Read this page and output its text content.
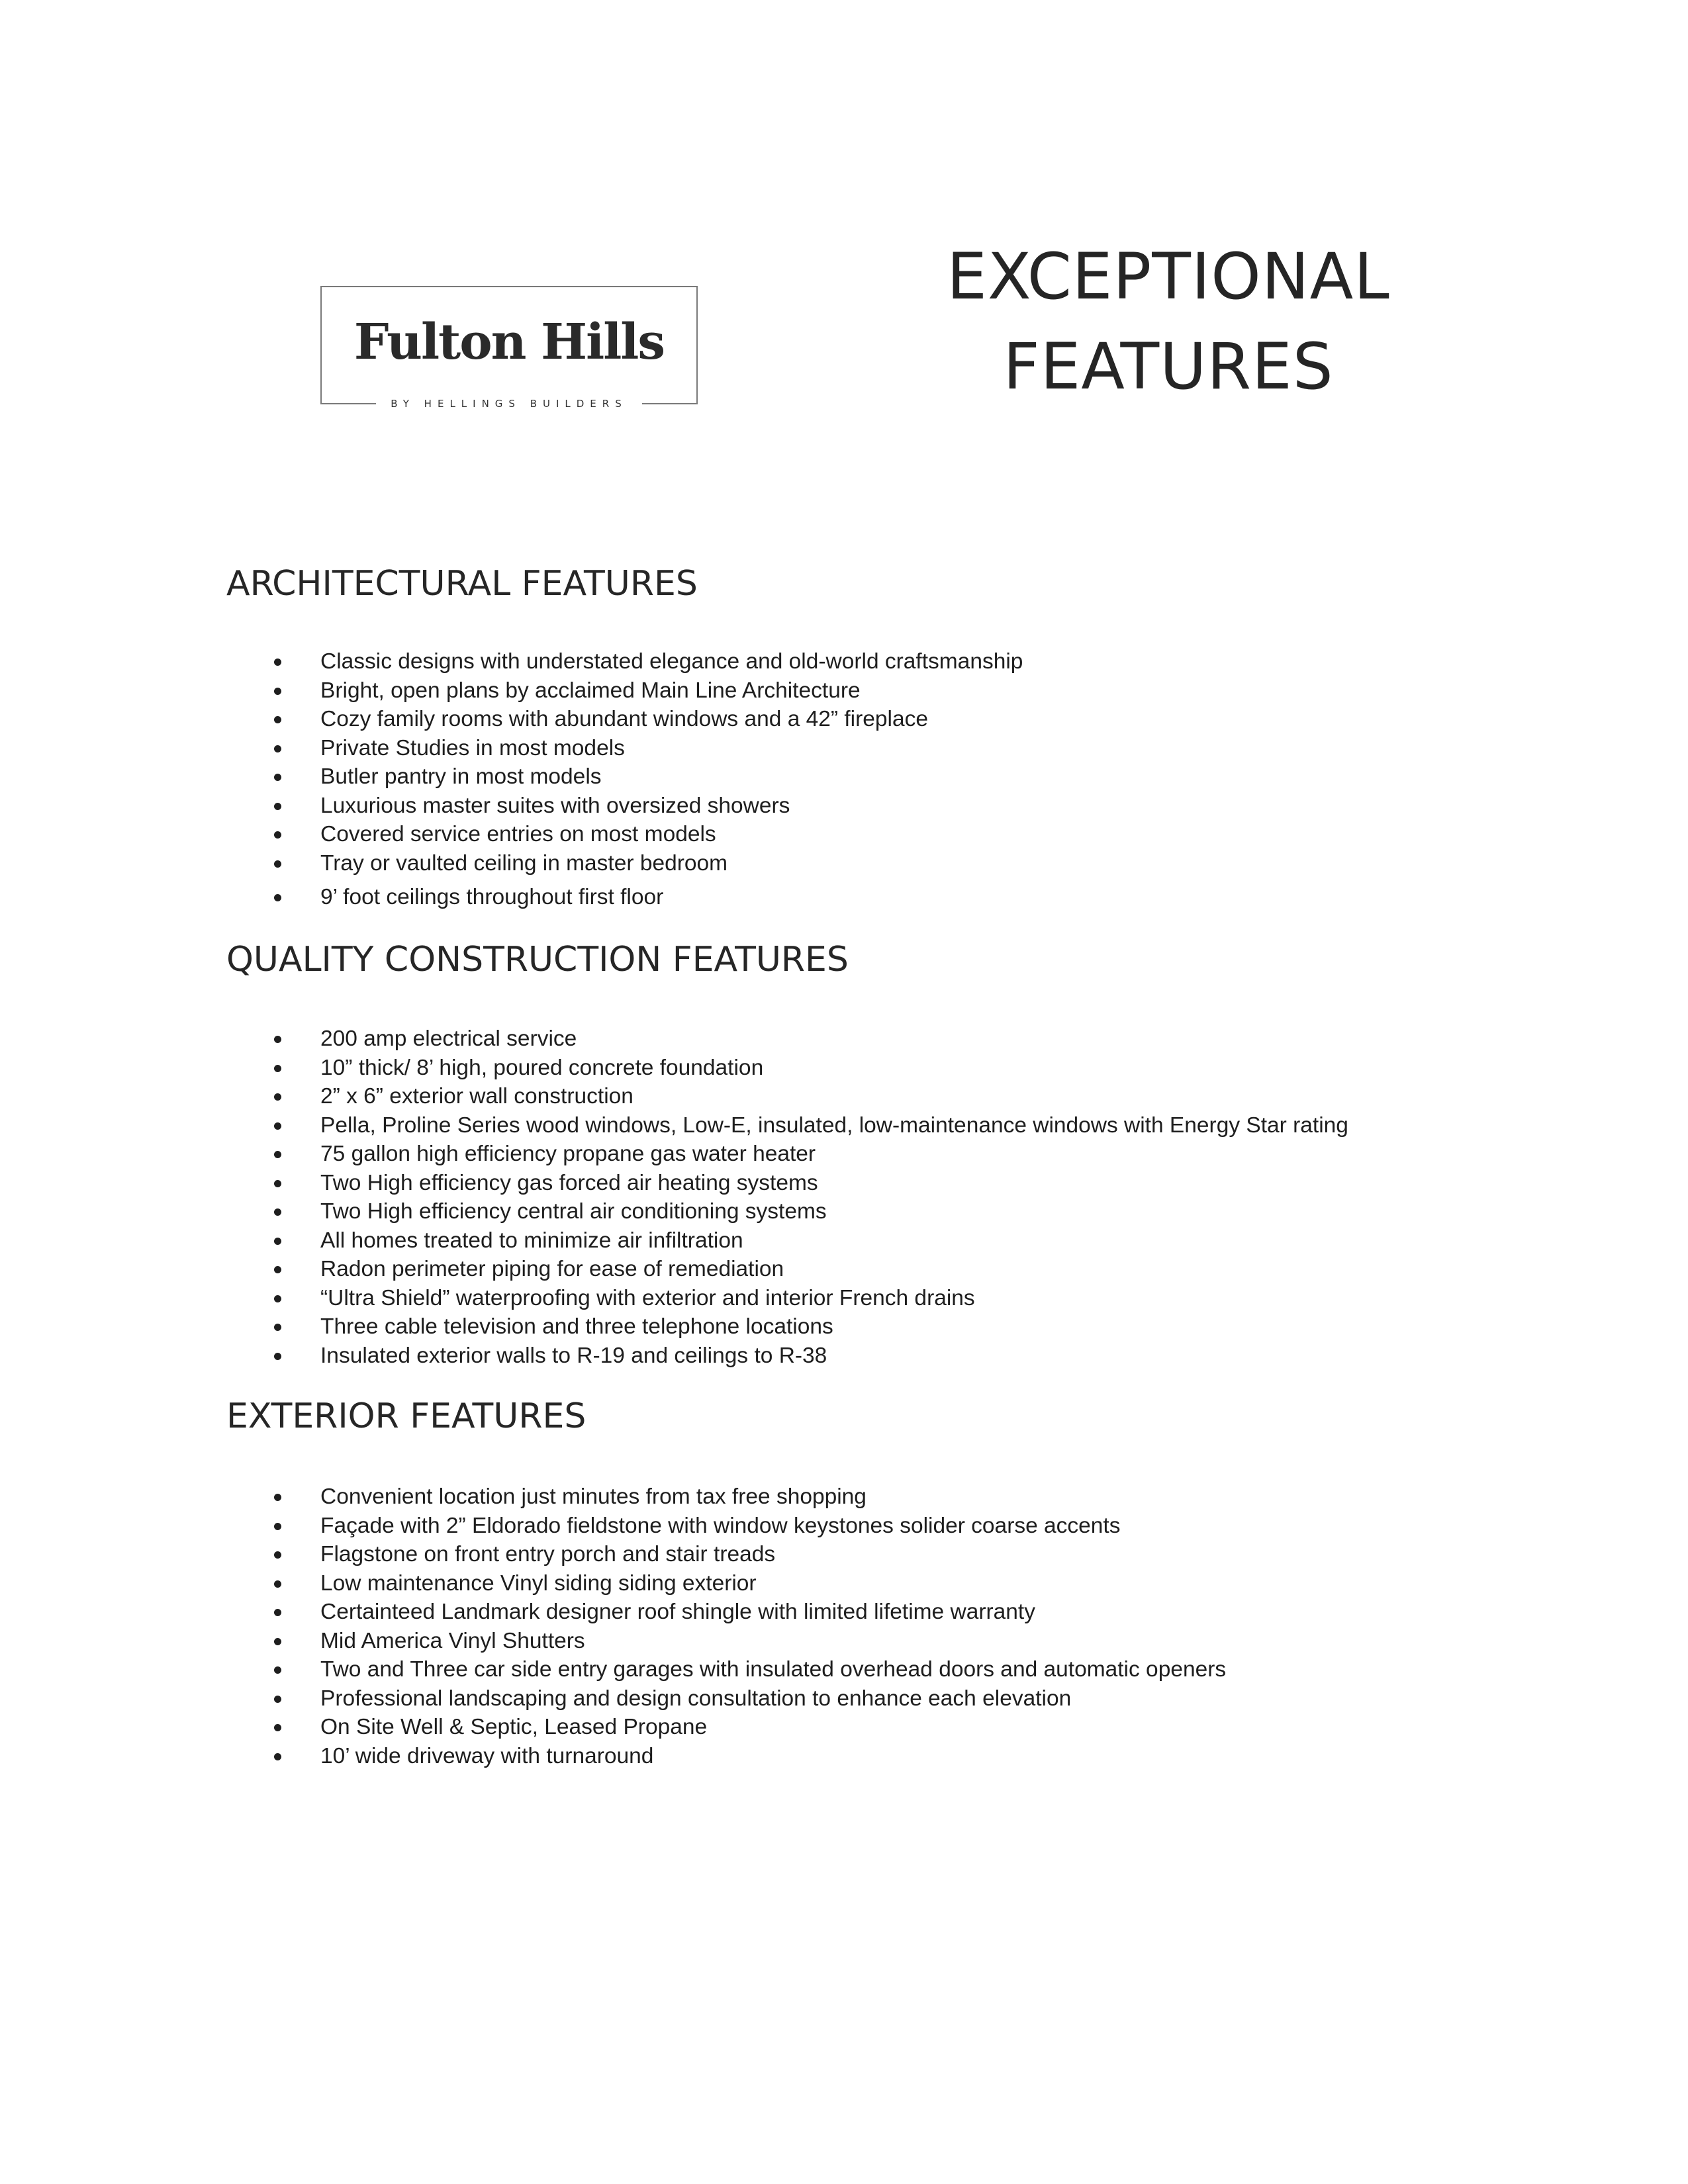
Fulton Hills
BY HELLINGS BUILDERS
EXCEPTIONAL
FEATURES
ARCHITECTURAL FEATURES
Classic designs with understated elegance and old-world craftsmanship
Bright, open plans by acclaimed Main Line Architecture
Cozy family rooms with abundant windows and a 42” fireplace
Private Studies in most models
Butler pantry in most models
Luxurious master suites with oversized showers
Covered service entries on most models
Tray or vaulted ceiling in master bedroom
9’ foot ceilings throughout first floor
QUALITY CONSTRUCTION FEATURES
200 amp electrical service
10” thick/ 8’ high, poured concrete foundation
2” x 6” exterior wall construction
Pella, Proline Series wood windows, Low-E, insulated, low-maintenance windows with Energy Star rating
75 gallon high efficiency propane gas water heater
Two High efficiency gas forced air heating systems
Two High efficiency central air conditioning systems
All homes treated to minimize air infiltration
Radon perimeter piping for ease of remediation
“Ultra Shield” waterproofing with exterior and interior French drains
Three cable television and three telephone locations
Insulated exterior walls to R-19 and ceilings to R-38
EXTERIOR FEATURES
Convenient location just minutes from tax free shopping
Façade with 2” Eldorado fieldstone with window keystones solider coarse accents
Flagstone on front entry porch and stair treads
Low maintenance Vinyl siding siding exterior
Certainteed Landmark designer roof shingle with limited lifetime warranty
Mid America Vinyl Shutters
Two and Three car side entry garages with insulated overhead doors and automatic openers
Professional landscaping and design consultation to enhance each elevation
On Site Well & Septic, Leased Propane
10’ wide driveway with turnaround
